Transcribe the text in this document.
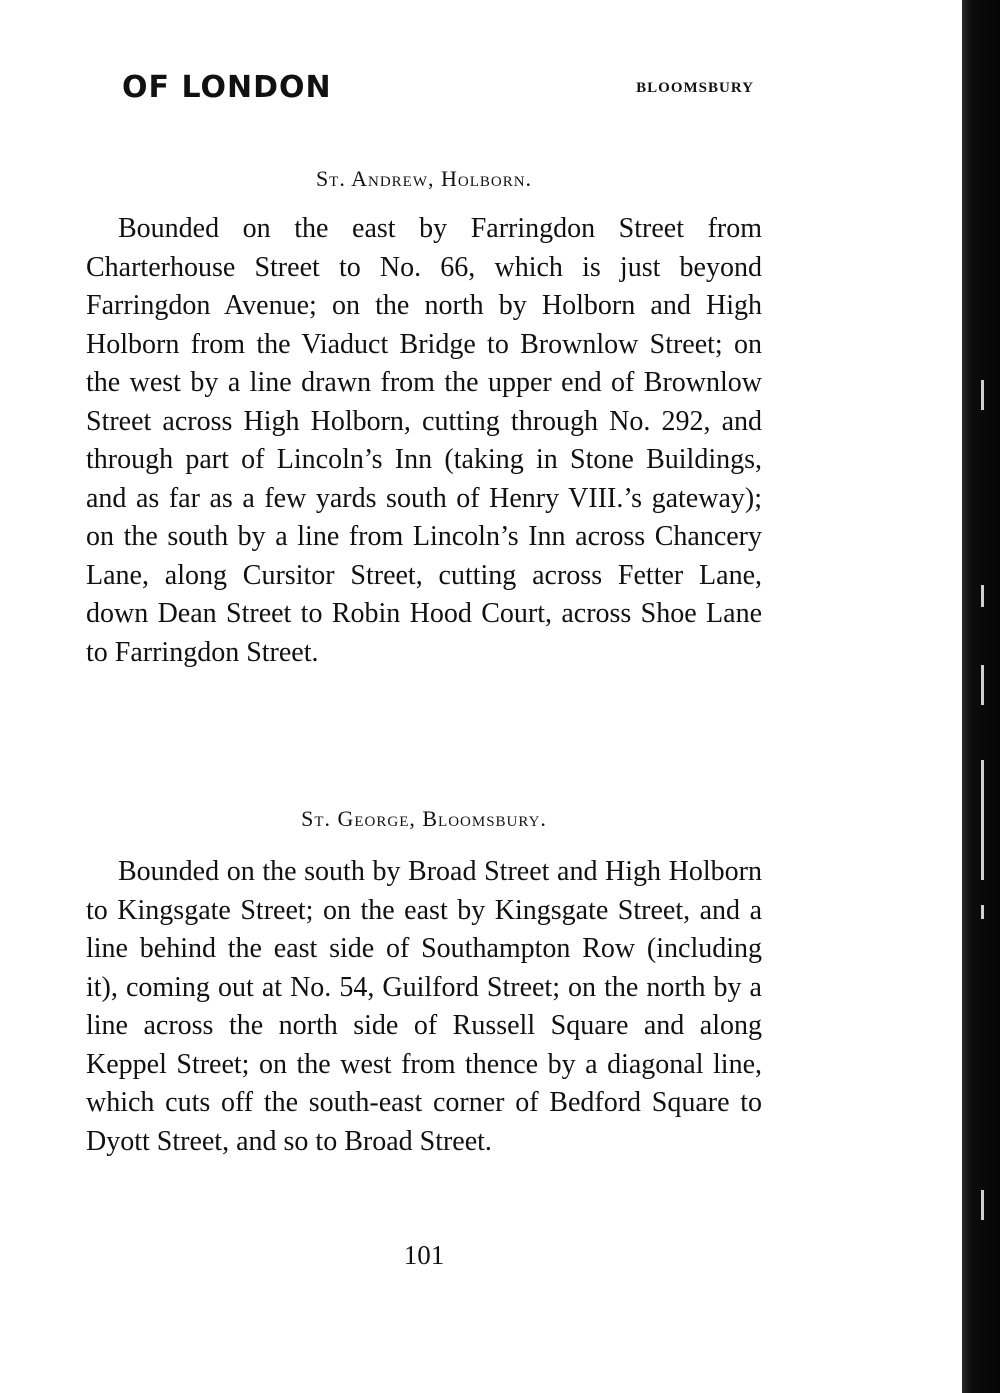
OF LONDON	BLOOMSBURY
St. Andrew, Holborn.

Bounded on the east by Farringdon Street from Charterhouse Street to No. 66, which is just beyond Farringdon Avenue; on the north by Holborn and High Holborn from the Viaduct Bridge to Brownlow Street; on the west by a line drawn from the upper end of Brownlow Street across High Holborn, cutting through No. 292, and through part of Lincoln’s Inn (taking in Stone Buildings, and as far as a few yards south of Henry VIII.’s gateway); on the south by a line from Lincoln’s Inn across Chancery Lane, along Cursitor Street, cutting across Fetter Lane, down Dean Street to Robin Hood Court, across Shoe Lane to Farringdon Street.

St. George, Bloomsbury.

Bounded on the south by Broad Street and High Holborn to Kingsgate Street; on the east by Kingsgate Street, and a line behind the east side of Southampton Row (including it), coming out at No. 54, Guilford Street; on the north by a line across the north side of Russell Square and along Keppel Street; on the west from thence by a diagonal line, which cuts off the south-east corner of Bedford Square to Dyott Street, and so to Broad Street.

101
